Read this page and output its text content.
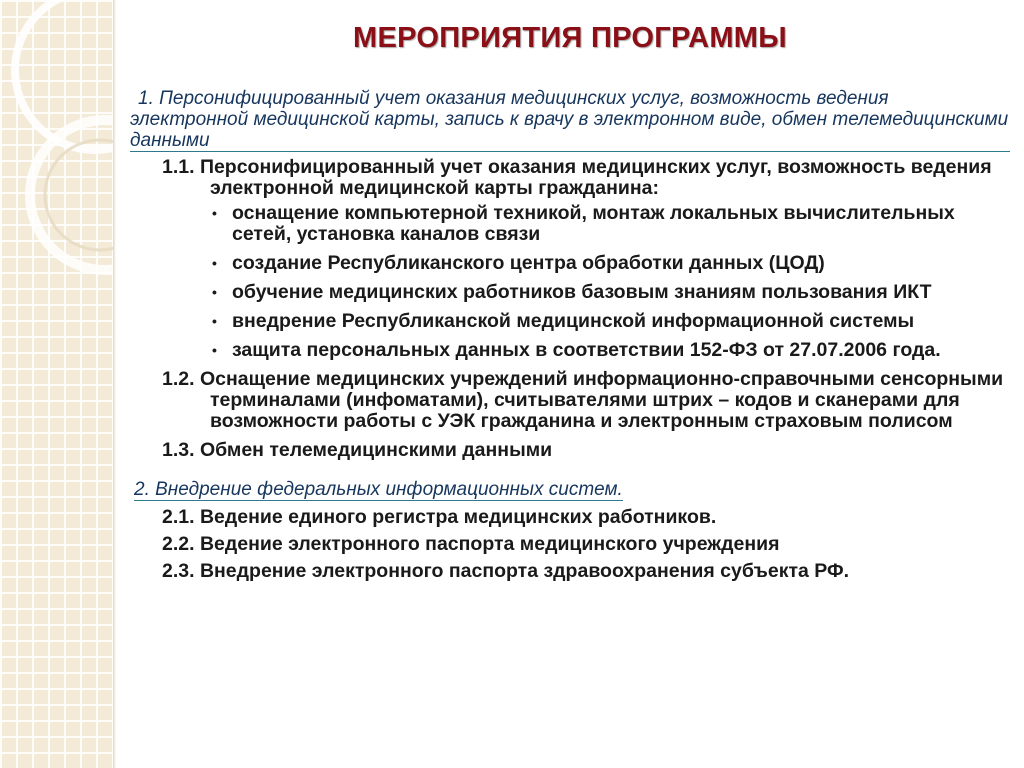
МЕРОПРИЯТИЯ ПРОГРАММЫ

1. Персонифицированный учет оказания медицинских услуг, возможность ведения электронной медицинской карты, запись к врачу в электронном виде, обмен телемедицинскими данными

1.1. Персонифицированный учет оказания медицинских услуг, возможность ведения электронной медицинской карты гражданина:

• оснащение компьютерной техникой, монтаж локальных вычислительных сетей, установка каналов связи
• создание Республиканского центра обработки данных (ЦОД)
• обучение медицинских работников базовым знаниям пользования ИКТ
• внедрение Республиканской медицинской информационной системы
• защита персональных данных в соответствии 152-ФЗ от 27.07.2006 года.

1.2. Оснащение медицинских учреждений информационно-справочными сенсорными терминалами (инфоматами), считывателями штрих – кодов и сканерами для возможности работы с УЭК гражданина и электронным страховым полисом

1.3. Обмен телемедицинскими данными

2. Внедрение федеральных информационных систем.

2.1. Ведение единого регистра медицинских работников.

2.2. Ведение электронного паспорта медицинского учреждения

2.3. Внедрение электронного паспорта здравоохранения субъекта РФ.
